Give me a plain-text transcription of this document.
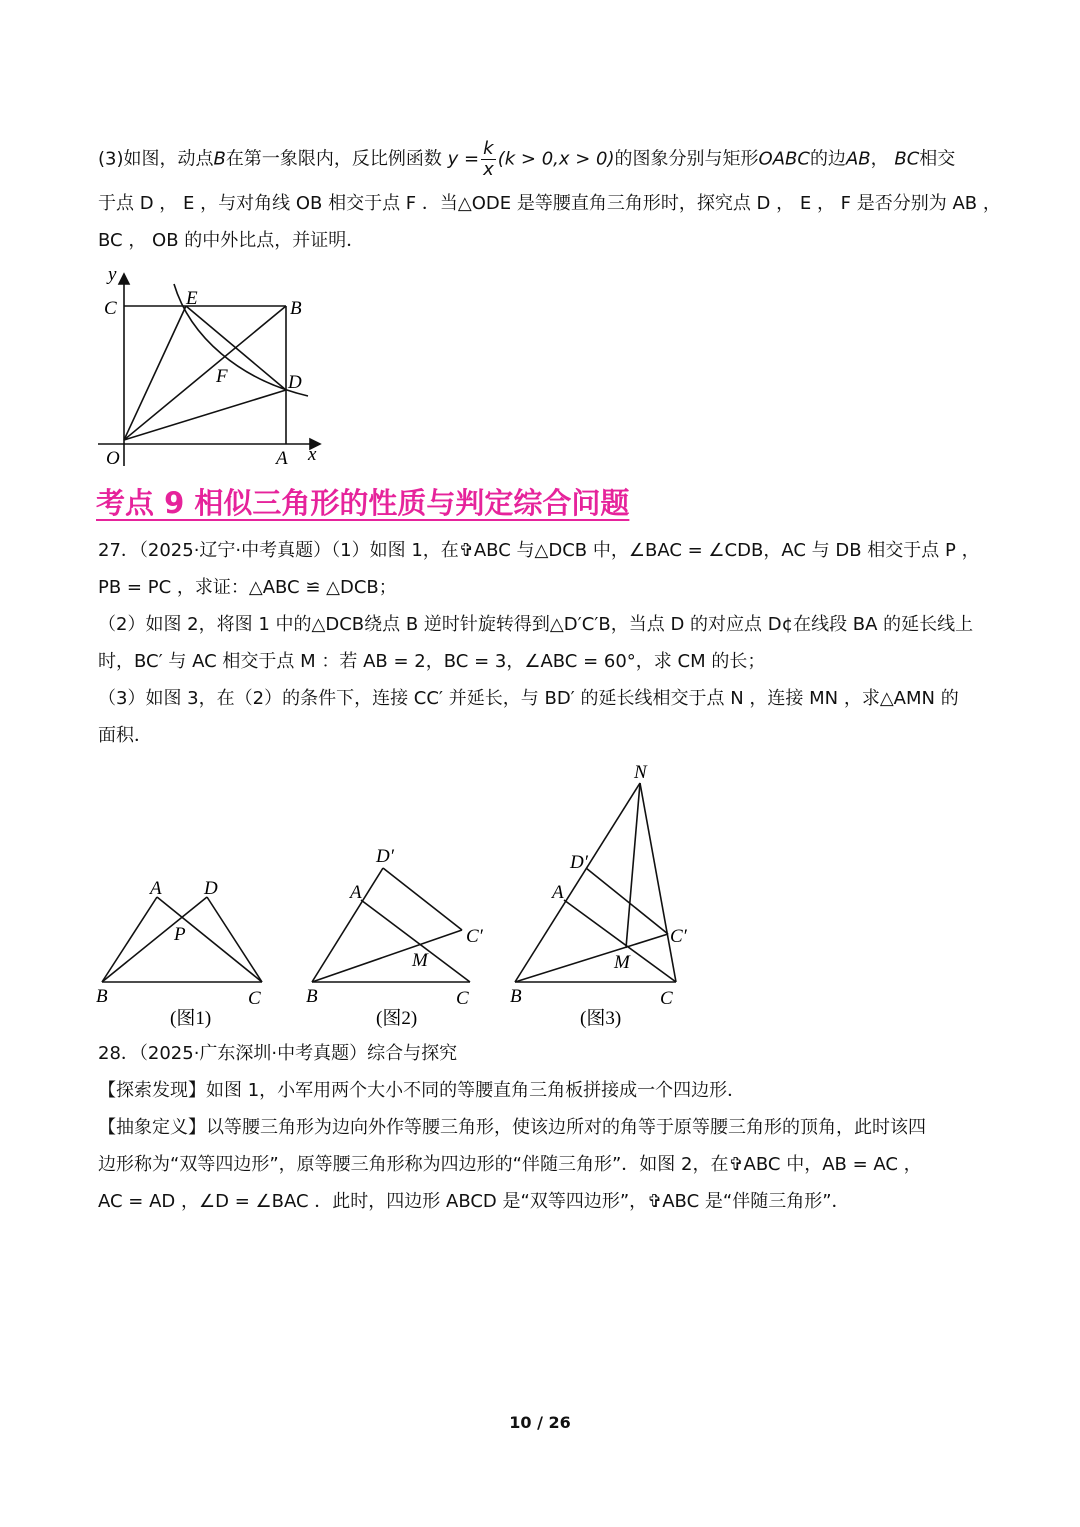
(3)如图，动点B在第一象限内，反比例函数 $y = \frac{k}{x} (k > 0,x > 0)$的图象分别与矩形OABC的边AB， BC相交
于点 D ， E ，与对角线 OB 相交于点 F ．当△ODE 是等腰直角三角形时，探究点 D ， E ， F 是否分别为 AB ，
BC ， OB 的中外比点，并证明．
y
C	E	B
F	D
O	A x
考点 9 相似三角形的性质与判定综合问题
27．（2025·辽宁·中考真题）（1）如图 1，在✞ABC 与△DCB 中，∠BAC = ∠CDB，AC 与 DB 相交于点 P ，
PB = PC ，求证：△ABC ≌ △DCB；
（2）如图 2，将图 1 中的△DCB绕点 B 逆时针旋转得到△D′C′B，当点 D 的对应点 D¢在线段 BA 的延长线上
时，BC′ 与 AC 相交于点 M ：若 AB = 2，BC = 3，∠ABC = 60°，求 CM 的长；
（3）如图 3，在（2）的条件下，连接 CC′ 并延长，与 BD′ 的延长线相交于点 N ，连接 MN ，求△AMN 的
面积．
A D
P
B	C
(图1)
D′
A
C′
M
B	C
(图2)
N
D′
A
C′
M
B	C
(图3)
28．（2025·广东深圳·中考真题）综合与探究
【探索发现】如图 1，小军用两个大小不同的等腰直角三角板拼接成一个四边形．
【抽象定义】以等腰三角形为边向外作等腰三角形，使该边所对的角等于原等腰三角形的顶角，此时该四
边形称为“双等四边形”，原等腰三角形称为四边形的“伴随三角形”．如图 2，在✞ABC 中，AB = AC ，
AC = AD ，∠D = ∠BAC ．此时，四边形 ABCD 是“双等四边形”，✞ABC 是“伴随三角形”．
10 / 26
